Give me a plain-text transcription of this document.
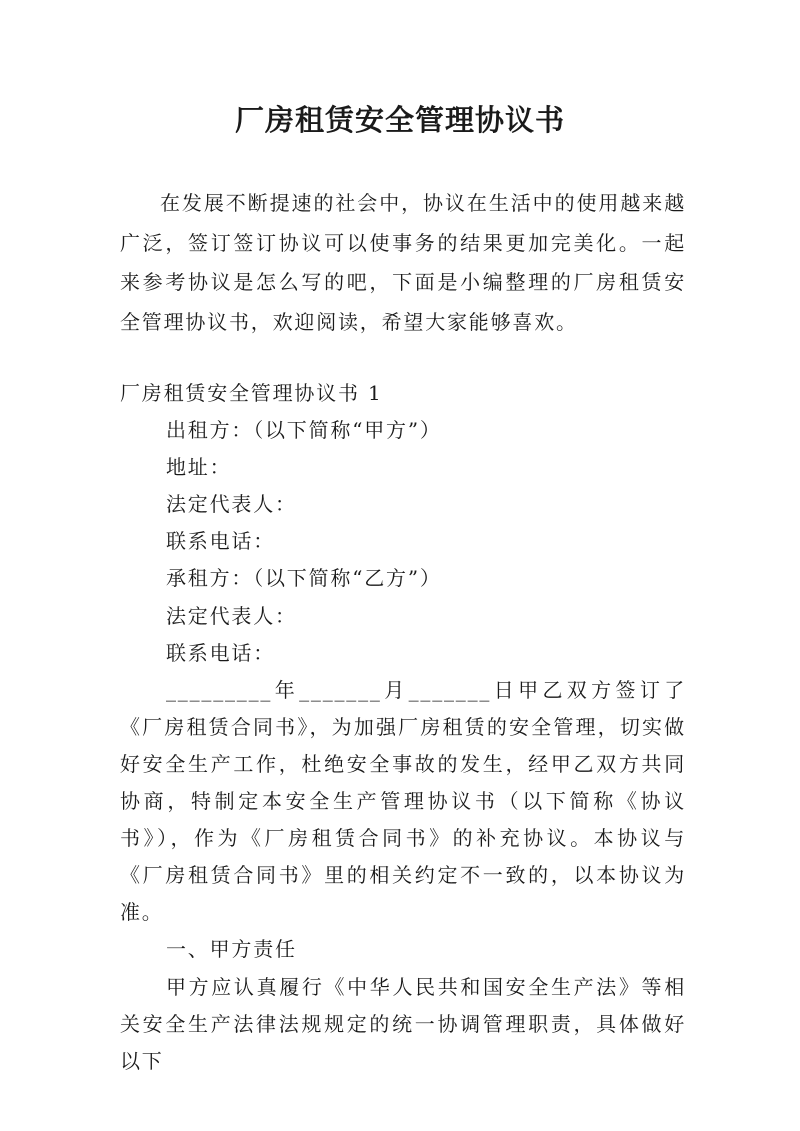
厂房租赁安全管理协议书
在发展不断提速的社会中，协议在生活中的使用越来越广泛，签订签订协议可以使事务的结果更加完美化。一起来参考协议是怎么写的吧，下面是小编整理的厂房租赁安全管理协议书，欢迎阅读，希望大家能够喜欢。

厂房租赁安全管理协议书 1

出租方：（以下简称“甲方”）

地址：

法定代表人：

联系电话：

承租方：（以下简称“乙方”）

法定代表人：

联系电话：

_________年_______月_______日甲乙双方签订了《厂房租赁合同书》，为加强厂房租赁的安全管理，切实做好安全生产工作，杜绝安全事故的发生，经甲乙双方共同协商，特制定本安全生产管理协议书（以下简称《协议书》），作为《厂房租赁合同书》的补充协议。本协议与《厂房租赁合同书》里的相关约定不一致的，以本协议为准。

一、甲方责任

甲方应认真履行《中华人民共和国安全生产法》等相关安全生产法律法规规定的统一协调管理职责，具体做好以下
